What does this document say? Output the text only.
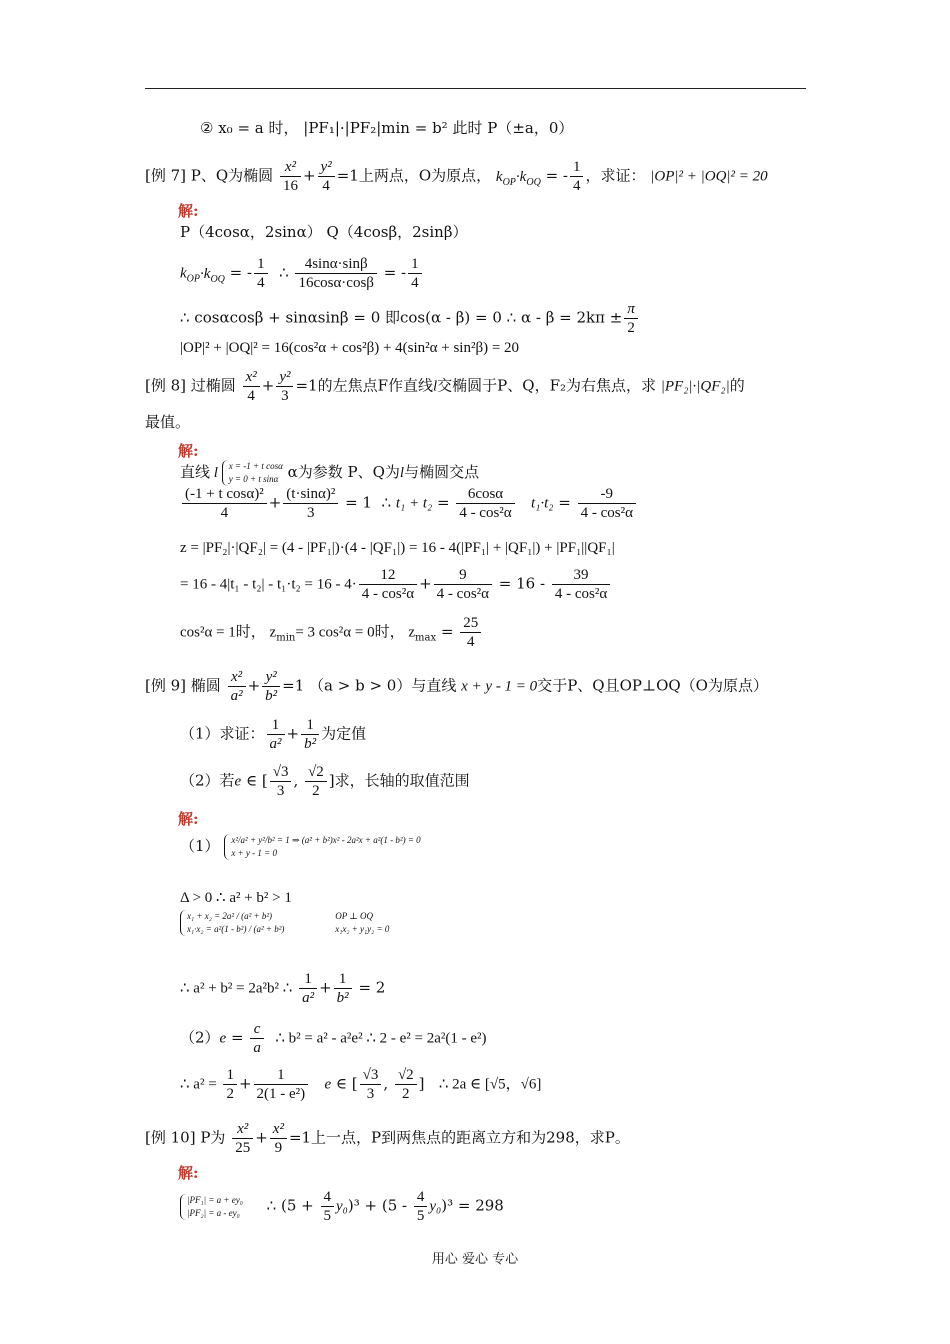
② x₀ = a 时， |PF₁|·|PF₂|min = b² 此时 P（±a，0）
[例 7] P、Q为椭圆 $\frac{\text{x²}}{16} + \frac{\text{y²}}{4} =1$上两点，O为原点， $k_{OP}\cdot k_{OQ}$ = - $\frac{1}{4}$ ，求证： |OP|² + |OQ|² = 20
解:
P（4cosα，2sinα） Q（4cosβ，2sinβ）
$k_{OP}\cdot k_{OQ}$ = - $\frac{1}{4}$ ∴ $\frac{4\sin\alpha\cdot\sin\beta}{16\cos\alpha\cdot\cos\beta}$ = - $\frac{1}{4}$
∴ cosαcosβ + sinαsinβ = 0 即cos(α - β) = 0 ∴ $\alpha - \beta = 2k\pi \pm \frac{\pi}{2}$
|OP|² + |OQ|² = 16(cos²α + cos²β) + 4(sin²α + sin²β) = 20
[例 8] 过椭圆 $\frac{\text{x²}}{4} + \frac{\text{y²}}{3} =1$的左焦点F作直线l交椭圆于P、Q，F₂为右焦点，求 |PF₂|·|QF₂|的
最值。
解:
直线 l x = -1 + t cosα
y = 0 + t sinα α为参数 P、Q为l与椭圆交点
$\frac{\text{(-1 + t cosα)²}}{4} + \frac{\text{(t·sinα)²}}{3} = 1$  ∴ $t_1 + t_2 = \frac{6\cos\alpha}{\text{4 - cos²α}} t_1\cdot t_2 = \frac{-9}{\text{4 - cos²α}}$
z = |PF₂|·|QF₂| = (4 - |PF₁|)·(4 - |QF₁|) = 16 - 4(|PF₁| + |QF₁|) + |PF₁||QF₁|
= $16 - 4|t_1 - t_2| - t_1\cdot t_2 = 16 - 4\cdot \frac{12}{\text{4 - cos²α}} + \frac{9}{\text{4 - cos²α}} = 16 - \frac{39}{\text{4 - cos²α}}$
cos²α = 1时， $z_{min}= 3$ cos²α = 0时， $z_{max} = \frac{25}{4}$
[例 9] 椭圆 $\frac{\text{x²}}{\text{a²}} + \frac{\text{y²}}{\text{b²}} =1$ （a > b > 0）与直线 x + y - 1 = 0交于P、Q且OP⊥OQ（O为原点）
（1）求证： $\frac{1}{\text{a²}} + \frac{1}{\text{b²}}$ 为定值
（2）若e ∈ [ $\frac{√3}{3}$ , $\frac{√2}{2}$ ]求，长轴的取值范围
解:
（1） x²/a² + y²/b² = 1 ⇒ (a² + b²)x² - 2a²x + a²(1 - b²) = 0
x + y - 1 = 0
Δ > 0 ∴ a² + b² > 1
x₁ + x₂ = 2a² / (a² + b²)
x₁·x₂ = a²(1 - b²) / (a² + b²)

OP ⊥ OQ
x₁x₂ + y₁y₂ = 0
∴ a² + b² = 2a²b² ∴ $\frac{1}{\text{a²}} + \frac{1}{\text{b²}} = 2$
$(2)e = \frac{c}{a}$ ∴ b² = a² - a²e² ∴ 2 - e² = 2a²(1 - e²)
∴ $a^2 = \frac{1}{2} + \frac{1}{\text{2(1 - e²)}}$ e ∈ [ $\frac{√3}{3}$ , $\frac{√2}{2}$ ]   ∴ 2a ∈ [√5，√6]
[例 10] P为 $\frac{\text{x²}}{25} + \frac{\text{x²}}{9} =1$上一点，P到两焦点的距离立方和为298，求P。
解:
|PF₁| = a + ey₀
|PF₂| = a - ey₀ ∴ $(5 + \frac{4}{5} y_0)^3 + (5 - \frac{4}{5} y_0)^3 = 298$
用心 爱心 专心
